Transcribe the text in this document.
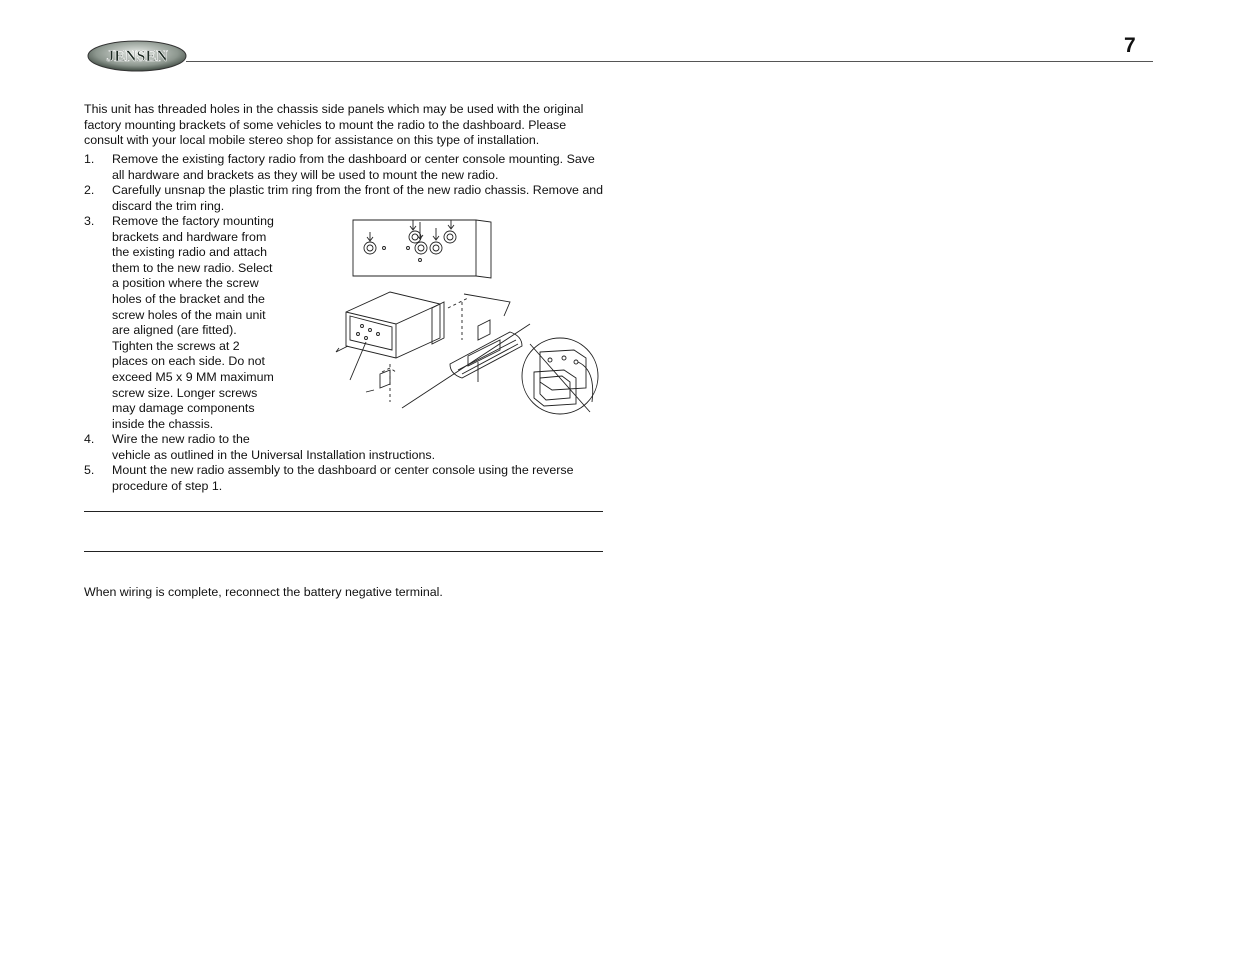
JENSEN	7

This unit has threaded holes in the chassis side panels which may be used with the original factory mounting brackets of some vehicles to mount the radio to the dashboard. Please consult with your local mobile stereo shop for assistance on this type of installation.

1.	Remove the existing factory radio from the dashboard or center console mounting. Save
all hardware and brackets as they will be used to mount the new radio.
2.	Carefully unsnap the plastic trim ring from the front of the new radio chassis. Remove and
discard the trim ring.
3.	Remove the factory mounting
brackets and hardware from
the existing radio and attach
them to the new radio. Select
a position where the screw
holes of the bracket and the
screw holes of the main unit
are aligned (are fitted).
Tighten the screws at 2
places on each side. Do not
exceed M5 x 9 MM maximum
screw size. Longer screws
may damage components
inside the chassis.
4.	Wire the new radio to the
vehicle as outlined in the Universal Installation instructions.
5.	Mount the new radio assembly to the dashboard or center console using the reverse
procedure of step 1.

When wiring is complete, reconnect the battery negative terminal.
